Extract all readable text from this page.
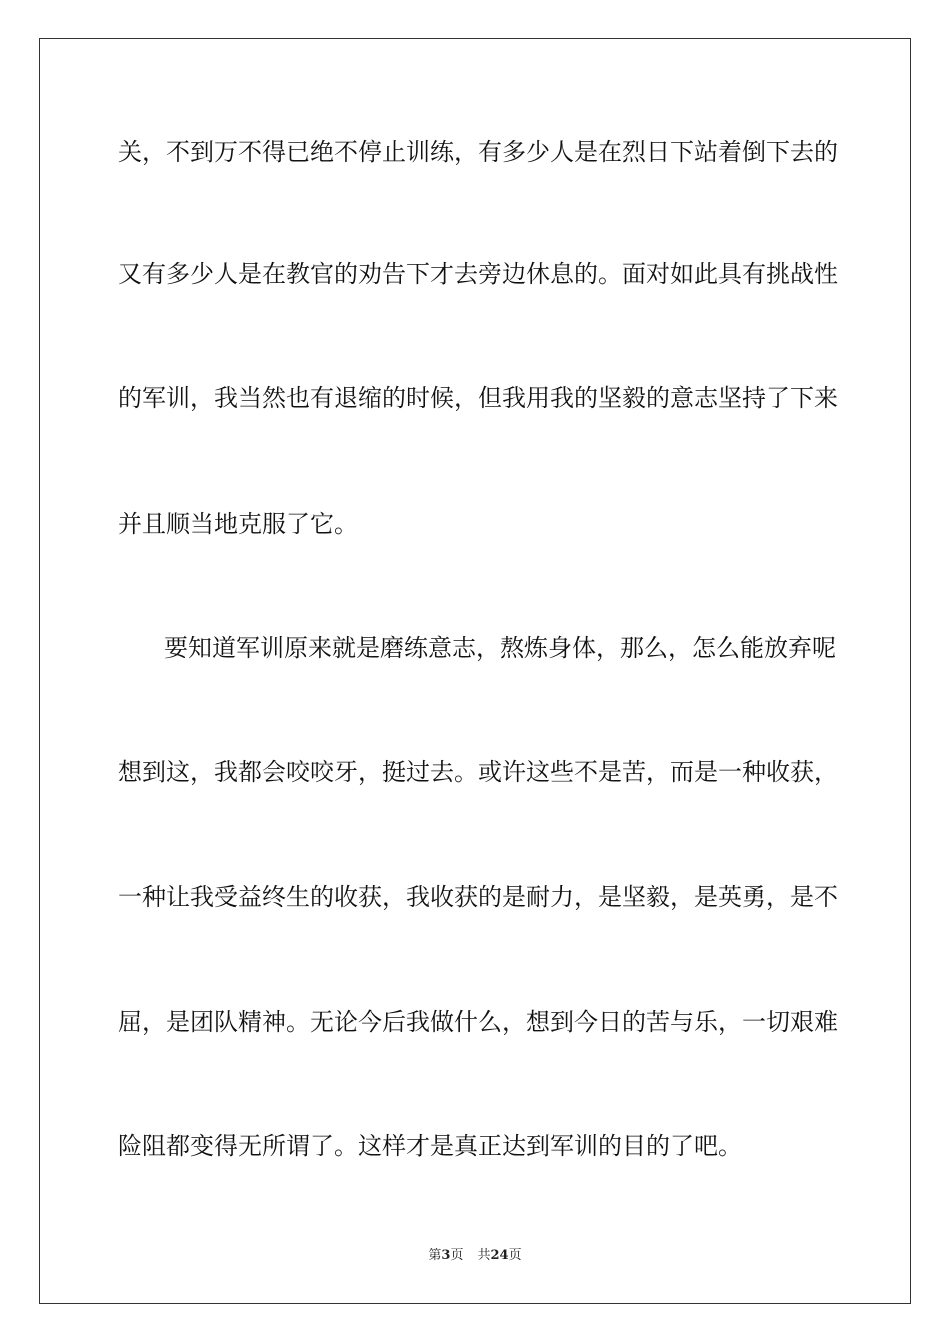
关，不到万不得已绝不停止训练，有多少人是在烈日下站着倒下去的
又有多少人是在教官的劝告下才去旁边休息的。面对如此具有挑战性
的军训，我当然也有退缩的时候，但我用我的坚毅的意志坚持了下来
并且顺当地克服了它。
要知道军训原来就是磨练意志，熬炼身体，那么，怎么能放弃呢
想到这，我都会咬咬牙，挺过去。或许这些不是苦，而是一种收获，
一种让我受益终生的收获，我收获的是耐力，是坚毅，是英勇，是不
屈，是团队精神。无论今后我做什么，想到今日的苦与乐，一切艰难
险阻都变得无所谓了。这样才是真正达到军训的目的了吧。
第3页 共24页
